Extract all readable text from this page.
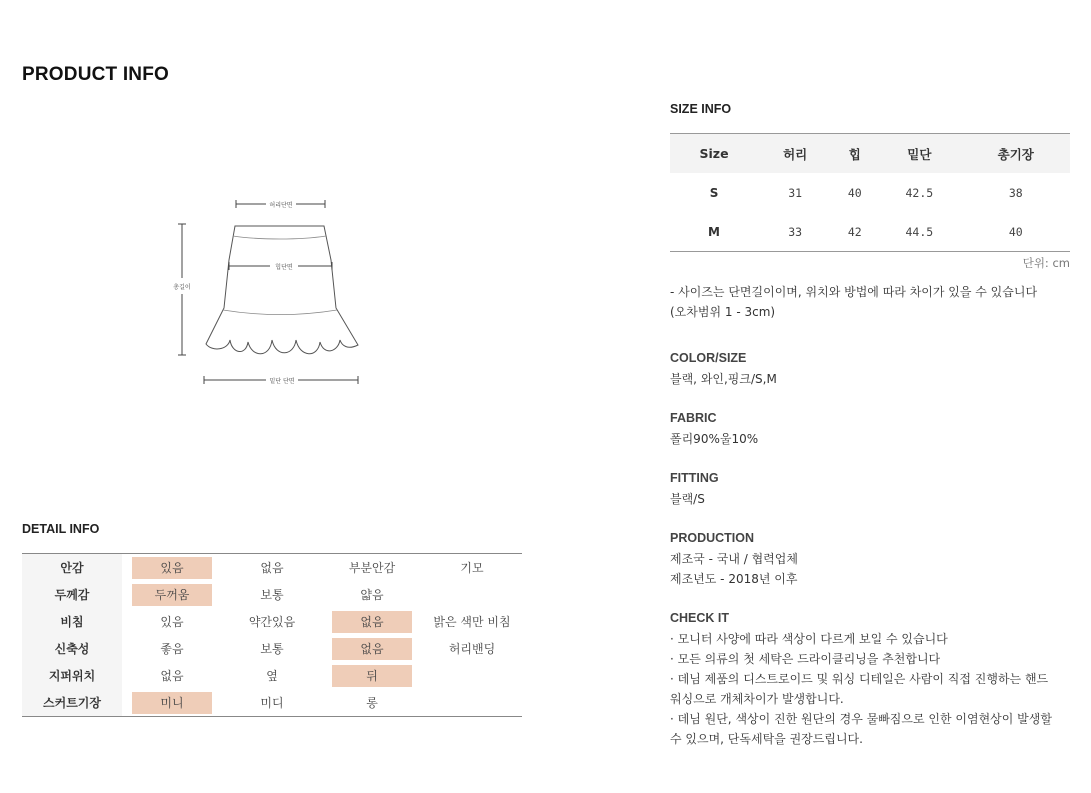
PRODUCT INFO
허리단면
힙단면
총길이
밑단 단면
DETAIL INFO
안감	있음	없음	부분안감	기모
두께감	두꺼움	보통	얇음	
비침	있음	약간있음	없음	밝은 색만 비침
신축성	좋음	보통	없음	허리밴딩
지퍼위치	없음	옆	뒤	
스커트기장	미니	미디	롱	
SIZE INFO
Size	허리	힙	밑단	총기장
S	31	40	42.5	38
M	33	42	44.5	40
단위: cm
- 사이즈는 단면길이이며, 위치와 방법에 따라 차이가 있을 수 있습니다
(오차범위 1 - 3cm)
COLOR/SIZE
블랙, 와인,핑크/S,M
FABRIC
폴리90%울10%
FITTING
블랙/S
PRODUCTION
제조국 - 국내 / 협력업체
제조년도 - 2018년 이후
CHECK IT
· 모니터 사양에 따라 색상이 다르게 보일 수 있습니다
· 모든 의류의 첫 세탁은 드라이클리닝을 추천합니다
· 데님 제품의 디스트로이드 및 워싱 디테일은 사람이 직접 진행하는 핸드
워싱으로 개체차이가 발생합니다.
· 데님 원단, 색상이 진한 원단의 경우 물빠짐으로 인한 이염현상이 발생할
수 있으며, 단독세탁을 권장드립니다.
